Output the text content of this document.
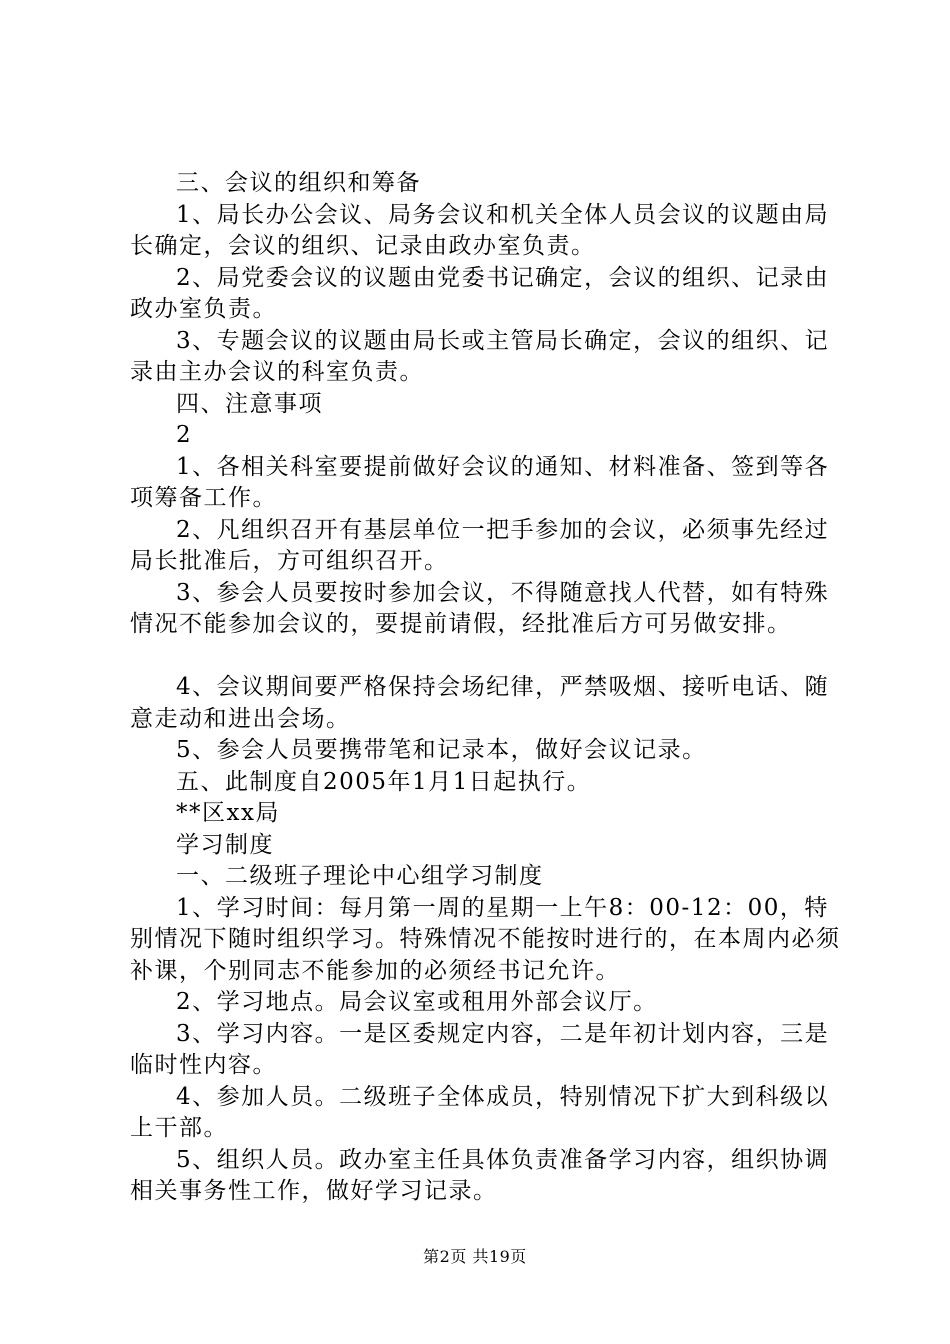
三、会议的组织和筹备

1、局长办公会议、局务会议和机关全体人员会议的议题由局长确定，会议的组织、记录由政办室负责。

2、局党委会议的议题由党委书记确定，会议的组织、记录由政办室负责。

3、专题会议的议题由局长或主管局长确定，会议的组织、记录由主办会议的科室负责。

四、注意事项

2

1、各相关科室要提前做好会议的通知、材料准备、签到等各项筹备工作。

2、凡组织召开有基层单位一把手参加的会议，必须事先经过局长批准后，方可组织召开。

3、参会人员要按时参加会议，不得随意找人代替，如有特殊情况不能参加会议的，要提前请假，经批准后方可另做安排。

4、会议期间要严格保持会场纪律，严禁吸烟、接听电话、随意走动和进出会场。

5、参会人员要携带笔和记录本，做好会议记录。

五、此制度自2005年1月1日起执行。

**区xx局

学习制度

一、二级班子理论中心组学习制度

1、学习时间：每月第一周的星期一上午8：00-12：00，特别情况下随时组织学习。特殊情况不能按时进行的，在本周内必须补课，个别同志不能参加的必须经书记允许。

2、学习地点。局会议室或租用外部会议厅。

3、学习内容。一是区委规定内容，二是年初计划内容，三是临时性内容。

4、参加人员。二级班子全体成员，特别情况下扩大到科级以上干部。

5、组织人员。政办室主任具体负责准备学习内容，组织协调相关事务性工作，做好学习记录。

第2页 共19页
